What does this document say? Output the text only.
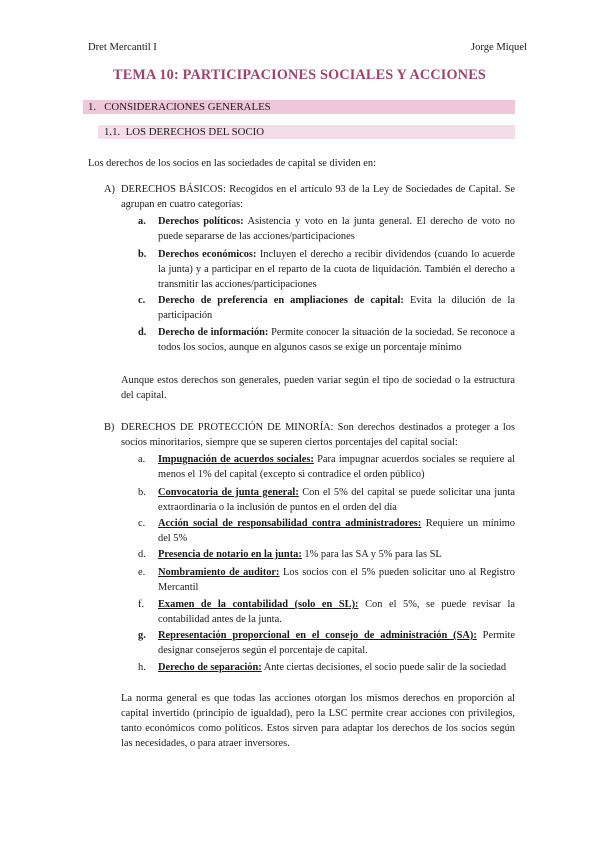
Dret Mercantil I	Jorge Miquel
TEMA 10: PARTICIPACIONES SOCIALES Y ACCIONES
1. CONSIDERACIONES GENERALES
1.1. LOS DERECHOS DEL SOCIO
Los derechos de los socios en las sociedades de capital se dividen en:
A) DERECHOS BÁSICOS: Recogidos en el artículo 93 de la Ley de Sociedades de Capital. Se agrupan en cuatro categorías:
a. Derechos políticos: Asistencia y voto en la junta general. El derecho de voto no puede separarse de las acciones/participaciones
b. Derechos económicos: Incluyen el derecho a recibir dividendos (cuando lo acuerde la junta) y a participar en el reparto de la cuota de liquidación. También el derecho a transmitir las acciones/participaciones
c. Derecho de preferencia en ampliaciones de capital: Evita la dilución de la participación
d. Derecho de información: Permite conocer la situación de la sociedad. Se reconoce a todos los socios, aunque en algunos casos se exige un porcentaje mínimo
Aunque estos derechos son generales, pueden variar según el tipo de sociedad o la estructura del capital.
B) DERECHOS DE PROTECCIÓN DE MINORÍA: Son derechos destinados a proteger a los socios minoritarios, siempre que se superen ciertos porcentajes del capital social:
a. Impugnación de acuerdos sociales: Para impugnar acuerdos sociales se requiere al menos el 1% del capital (excepto si contradice el orden público)
b. Convocatoria de junta general: Con el 5% del capital se puede solicitar una junta extraordinaria o la inclusión de puntos en el orden del día
c. Acción social de responsabilidad contra administradores: Requiere un mínimo del 5%
d. Presencia de notario en la junta: 1% para las SA y 5% para las SL
e. Nombramiento de auditor: Los socios con el 5% pueden solicitar uno al Registro Mercantil
f. Examen de la contabilidad (solo en SL): Con el 5%, se puede revisar la contabilidad antes de la junta.
g. Representación proporcional en el consejo de administración (SA): Permite designar consejeros según el porcentaje de capital.
h. Derecho de separación: Ante ciertas decisiones, el socio puede salir de la sociedad
La norma general es que todas las acciones otorgan los mismos derechos en proporción al capital invertido (principio de igualdad), pero la LSC permite crear acciones con privilegios, tanto económicos como políticos. Estos sirven para adaptar los derechos de los socios según las necesidades, o para atraer inversores.
